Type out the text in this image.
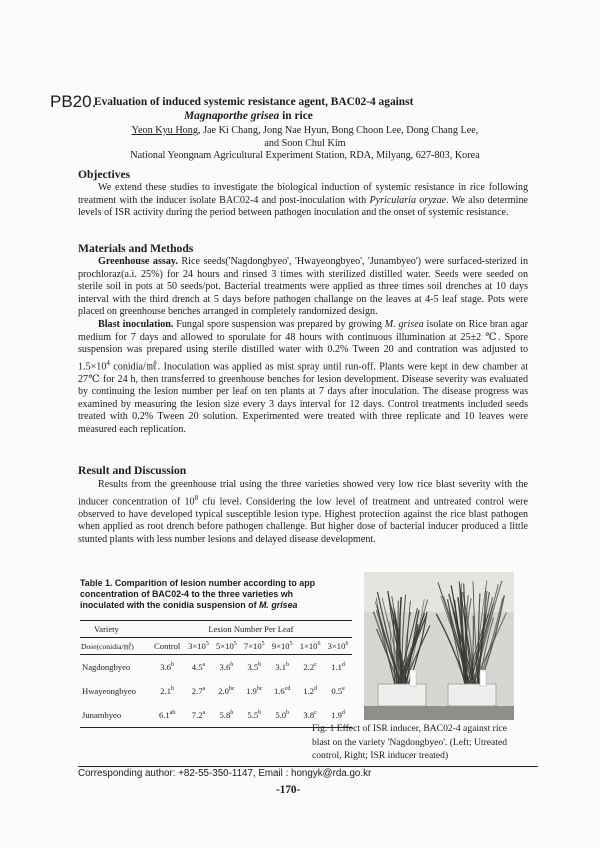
PB20.
Evaluation of induced systemic resistance agent, BAC02-4 against
Magnaporthe grisea in rice
Yeon Kyu Hong, Jae Ki Chang, Jong Nae Hyun, Bong Choon Lee, Dong Chang Lee,
and Soon Chul Kim
National Yeongnam Agricultural Experiment Station, RDA, Milyang, 627-803, Korea
Objectives

We extend these studies to investigate the biological induction of systemic resistance in rice following treatment with the inducer isolate BAC02-4 and post-inoculation with Pyricularia oryzae. We also determine levels of ISR activity during the period between pathogen inoculation and the onset of systemic resistance.

Materials and Methods

Greenhouse assay. Rice seeds('Nagdongbyeo', 'Hwayeongbyeo', 'Junambyeo') were surfaced-sterized in prochloraz(a.i. 25%) for 24 hours and rinsed 3 times with sterilized distilled water. Seeds were seeded on sterile soil in pots at 50 seeds/pot. Bacterial treatments were applied as three times soil drenches at 10 days interval with the third drench at 5 days before pathogen challange on the leaves at 4-5 leaf stage. Pots were placed on greenhouse benches arranged in completely randomized design.

Blast inoculation. Fungal spore suspension was prepared by growing M. grisea isolate on Rice bran agar medium for 7 days and allowed to sporulate for 48 hours with continuous illumination at 25±2 ℃. Spore suspension was prepared using sterile distilled water with 0.2% Tween 20 and contration was adjusted to $1.5\times 10^4$ conidia/㎖. Inoculation was applied as mist spray until run-off. Plants were kept in dew chamber at 27℃ for 24 h, then transferred to greenhouse benches for lesion development. Disease severity was evaluated by continuing the lesion number per leaf on ten plants at 7 days after inoculation. The disease progress was examined by measuring the lesion size every 3 days interval for 12 days. Control treatments included seeds treated with 0.2% Tween 20 solution. Experimented were treated with three replicate and 10 leaves were measured each replication.

Result and Discussion

Results from the greenhouse trial using the three varieties showed very low rice blast severity with the inducer concentration of $10^8$ cfu level. Considering the low level of treatment and untreated control were observed to have developed typical susceptible lesion type. Highest protection against the rice blast pathogen when applied as root drench before pathogen challenge. But higher dose of bacterial inducer produced a little stunted plants with less number lesions and delayed disease development.

Table 1. Comparition of lesion number according to app
concentration of BAC02-4 to the three varieties wh
inoculated with the conidia suspension of M. grisea
Variety	Lesion Number Per Leaf						
Dose(conidia/㎖)	Control	$3\times 10^5$	$5\times 10^5$	$7\times 10^5$	$9\times 10^5$	$1\times 10^6$	$3\times 10^6$
Nagdongbyeo	3.6$^b$	4.5$^a$	3.6$^b$	3.5$^b$	3.1$^b$	2.2$^c$	1.1$^d$
Hwayeongbyeo	2.1$^b$	2.7$^a$	2.0$^{bc}$	1.9$^{bc}$	1.6$^{cd}$	1.2$^d$	0.5e
Junambyeo	6.1$^{ab}$	7.2$^a$	5.8$^b$	5.5$^b$	5.0$^b$	3.8$^c$	1.9$^d$
Fig. 1 Effect of ISR inducer, BAC02-4 against rice blast on the variety 'Nagdongbyeo'. (Left; Utreated control, Right; ISR inducer treated)
Corresponding author: +82-55-350-1147, Email : hongyk@rda.go.kr
-170-
